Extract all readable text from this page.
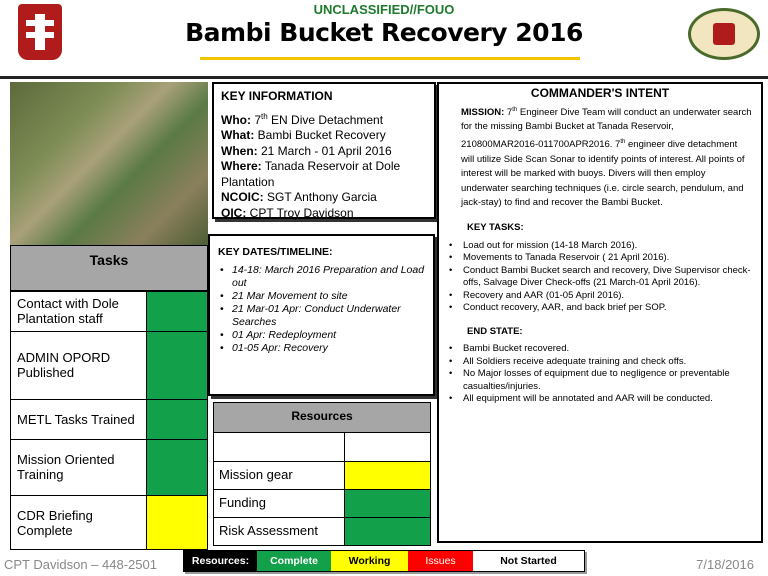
UNCLASSIFIED//FOUO
Bambi Bucket Recovery 2016
Tasks
Contact with Dole Plantation staff
ADMIN OPORD Published
METL Tasks Trained
Mission Oriented Training
CDR Briefing Complete
KEY INFORMATION
Who: 7th EN Dive Detachment
What: Bambi Bucket Recovery
When: 21 March - 01 April 2016
Where: Tanada Reservoir at Dole Plantation
NCOIC: SGT Anthony Garcia
OIC: CPT Troy Davidson
KEY DATES/TIMELINE:
• 14-18: March 2016 Preparation and Load out
• 21 Mar Movement to site
• 21 Mar-01 Apr: Conduct Underwater Searches
• 01 Apr: Redeployment
• 01-05 Apr: Recovery
Resources
Mission gear
Funding
Risk Assessment
COMMANDER'S INTENT
MISSION: 7th Engineer Dive Team will conduct an underwater search for the missing Bambi Bucket at Tanada Reservoir, 210800MAR2016-011700APR2016. 7th engineer dive detachment will utilize Side Scan Sonar to identify points of interest. All points of interest will be marked with buoys. Divers will then employ underwater searching techniques (i.e. circle search, pendulum, and jack-stay) to find and recover the Bambi Bucket.
KEY TASKS:
• Load out for mission (14-18 March 2016).
• Movements to Tanada Reservoir ( 21 April 2016).
• Conduct Bambi Bucket search and recovery, Dive Supervisor check-offs, Salvage Diver Check-offs (21 March-01 April 2016).
• Recovery and AAR (01-05 April 2016).
• Conduct recovery, AAR, and back brief per SOP.
END STATE:
• Bambi Bucket recovered.
• All Soldiers receive adequate training and check offs.
• No Major losses of equipment due to negligence or preventable casualties/injuries.
• All equipment will be annotated and AAR will be conducted.
Resources:	Complete	Working	Issues	Not Started
CPT Davidson – 448-2501	7/18/2016
